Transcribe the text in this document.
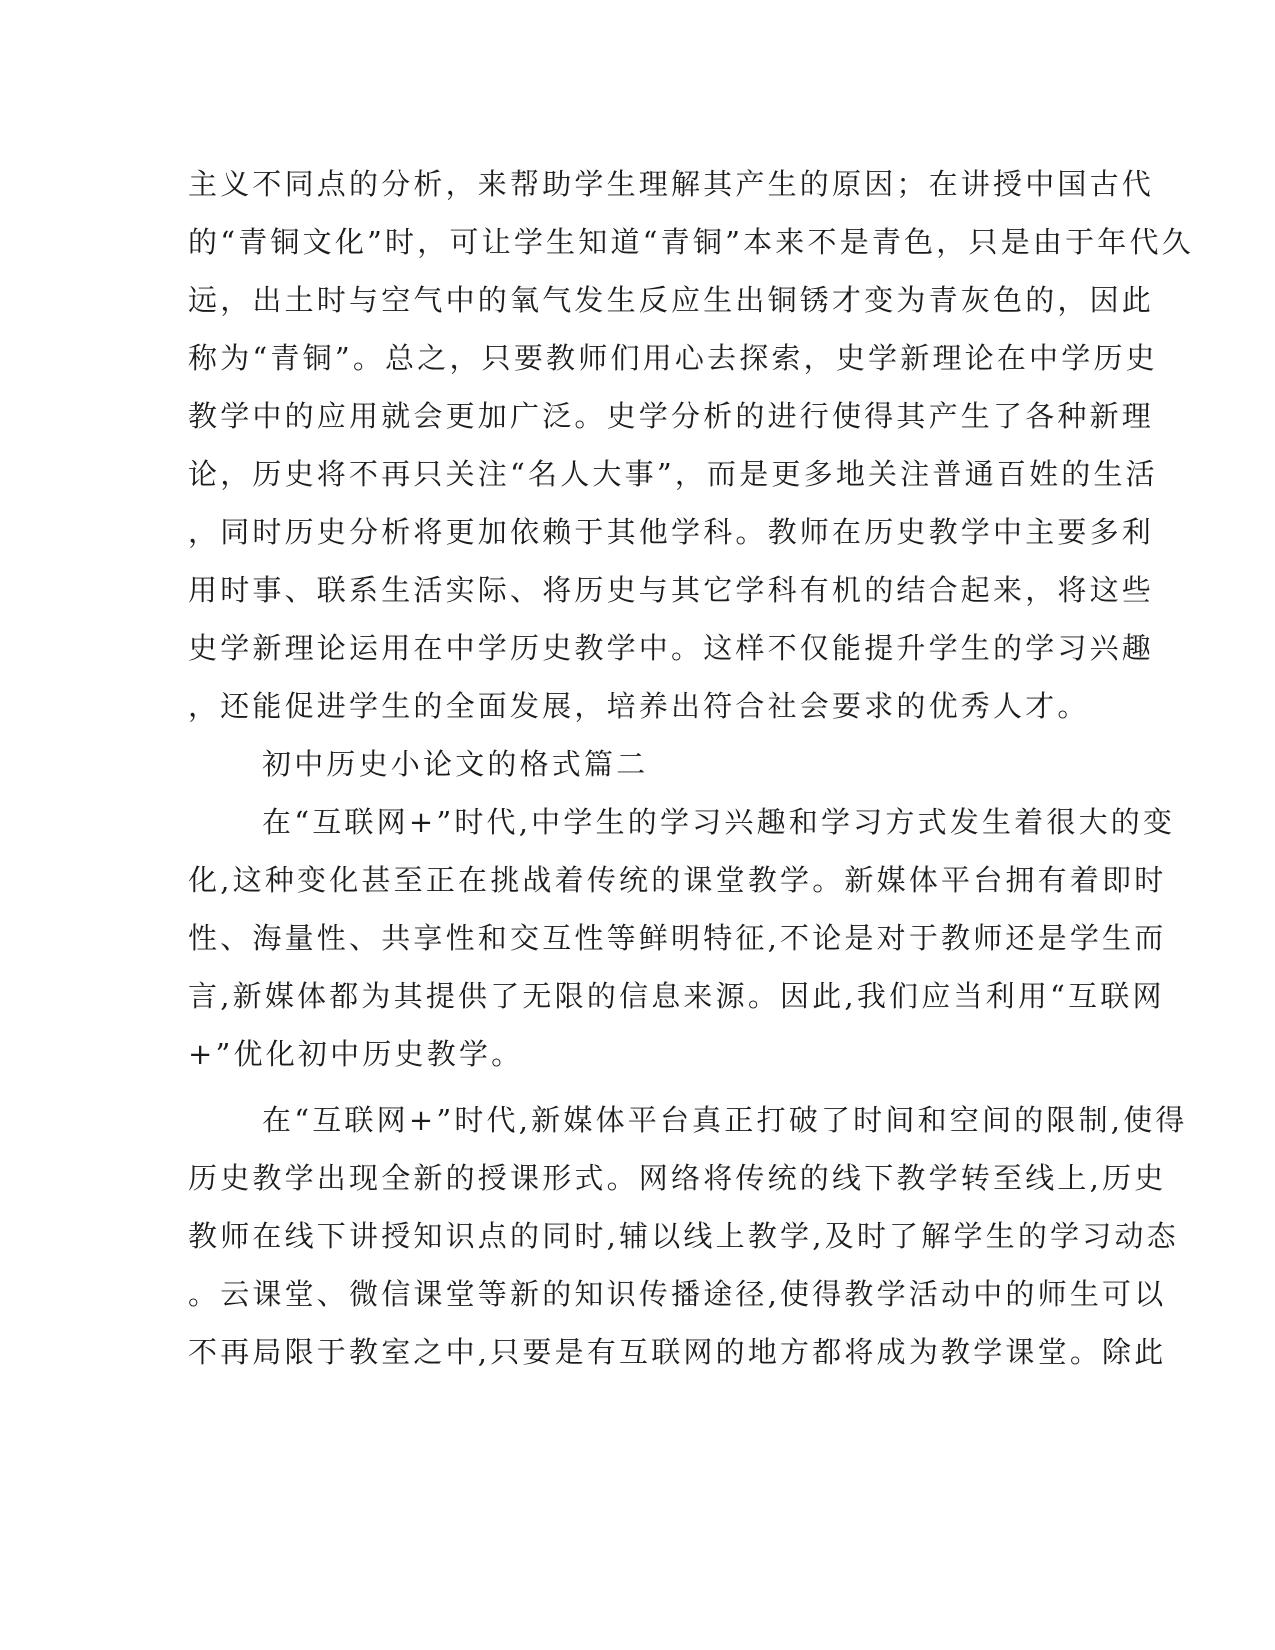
主义不同点的分析，来帮助学生理解其产生的原因；在讲授中国古代

的“青铜文化”时，可让学生知道“青铜”本来不是青色，只是由于年代久

远，出土时与空气中的氧气发生反应生出铜锈才变为青灰色的，因此

称为“青铜”。总之，只要教师们用心去探索，史学新理论在中学历史

教学中的应用就会更加广泛。史学分析的进行使得其产生了各种新理

论，历史将不再只关注“名人大事”，而是更多地关注普通百姓的生活

，同时历史分析将更加依赖于其他学科。教师在历史教学中主要多利

用时事、联系生活实际、将历史与其它学科有机的结合起来，将这些

史学新理论运用在中学历史教学中。这样不仅能提升学生的学习兴趣

，还能促进学生的全面发展，培养出符合社会要求的优秀人才。

初中历史小论文的格式篇二

在“互联网+”时代,中学生的学习兴趣和学习方式发生着很大的变

化,这种变化甚至正在挑战着传统的课堂教学。新媒体平台拥有着即时

性、海量性、共享性和交互性等鲜明特征,不论是对于教师还是学生而

言,新媒体都为其提供了无限的信息来源。因此,我们应当利用“互联网

+”优化初中历史教学。

在“互联网+”时代,新媒体平台真正打破了时间和空间的限制,使得

历史教学出现全新的授课形式。网络将传统的线下教学转至线上,历史

教师在线下讲授知识点的同时,辅以线上教学,及时了解学生的学习动态

。云课堂、微信课堂等新的知识传播途径,使得教学活动中的师生可以

不再局限于教室之中,只要是有互联网的地方都将成为教学课堂。除此
